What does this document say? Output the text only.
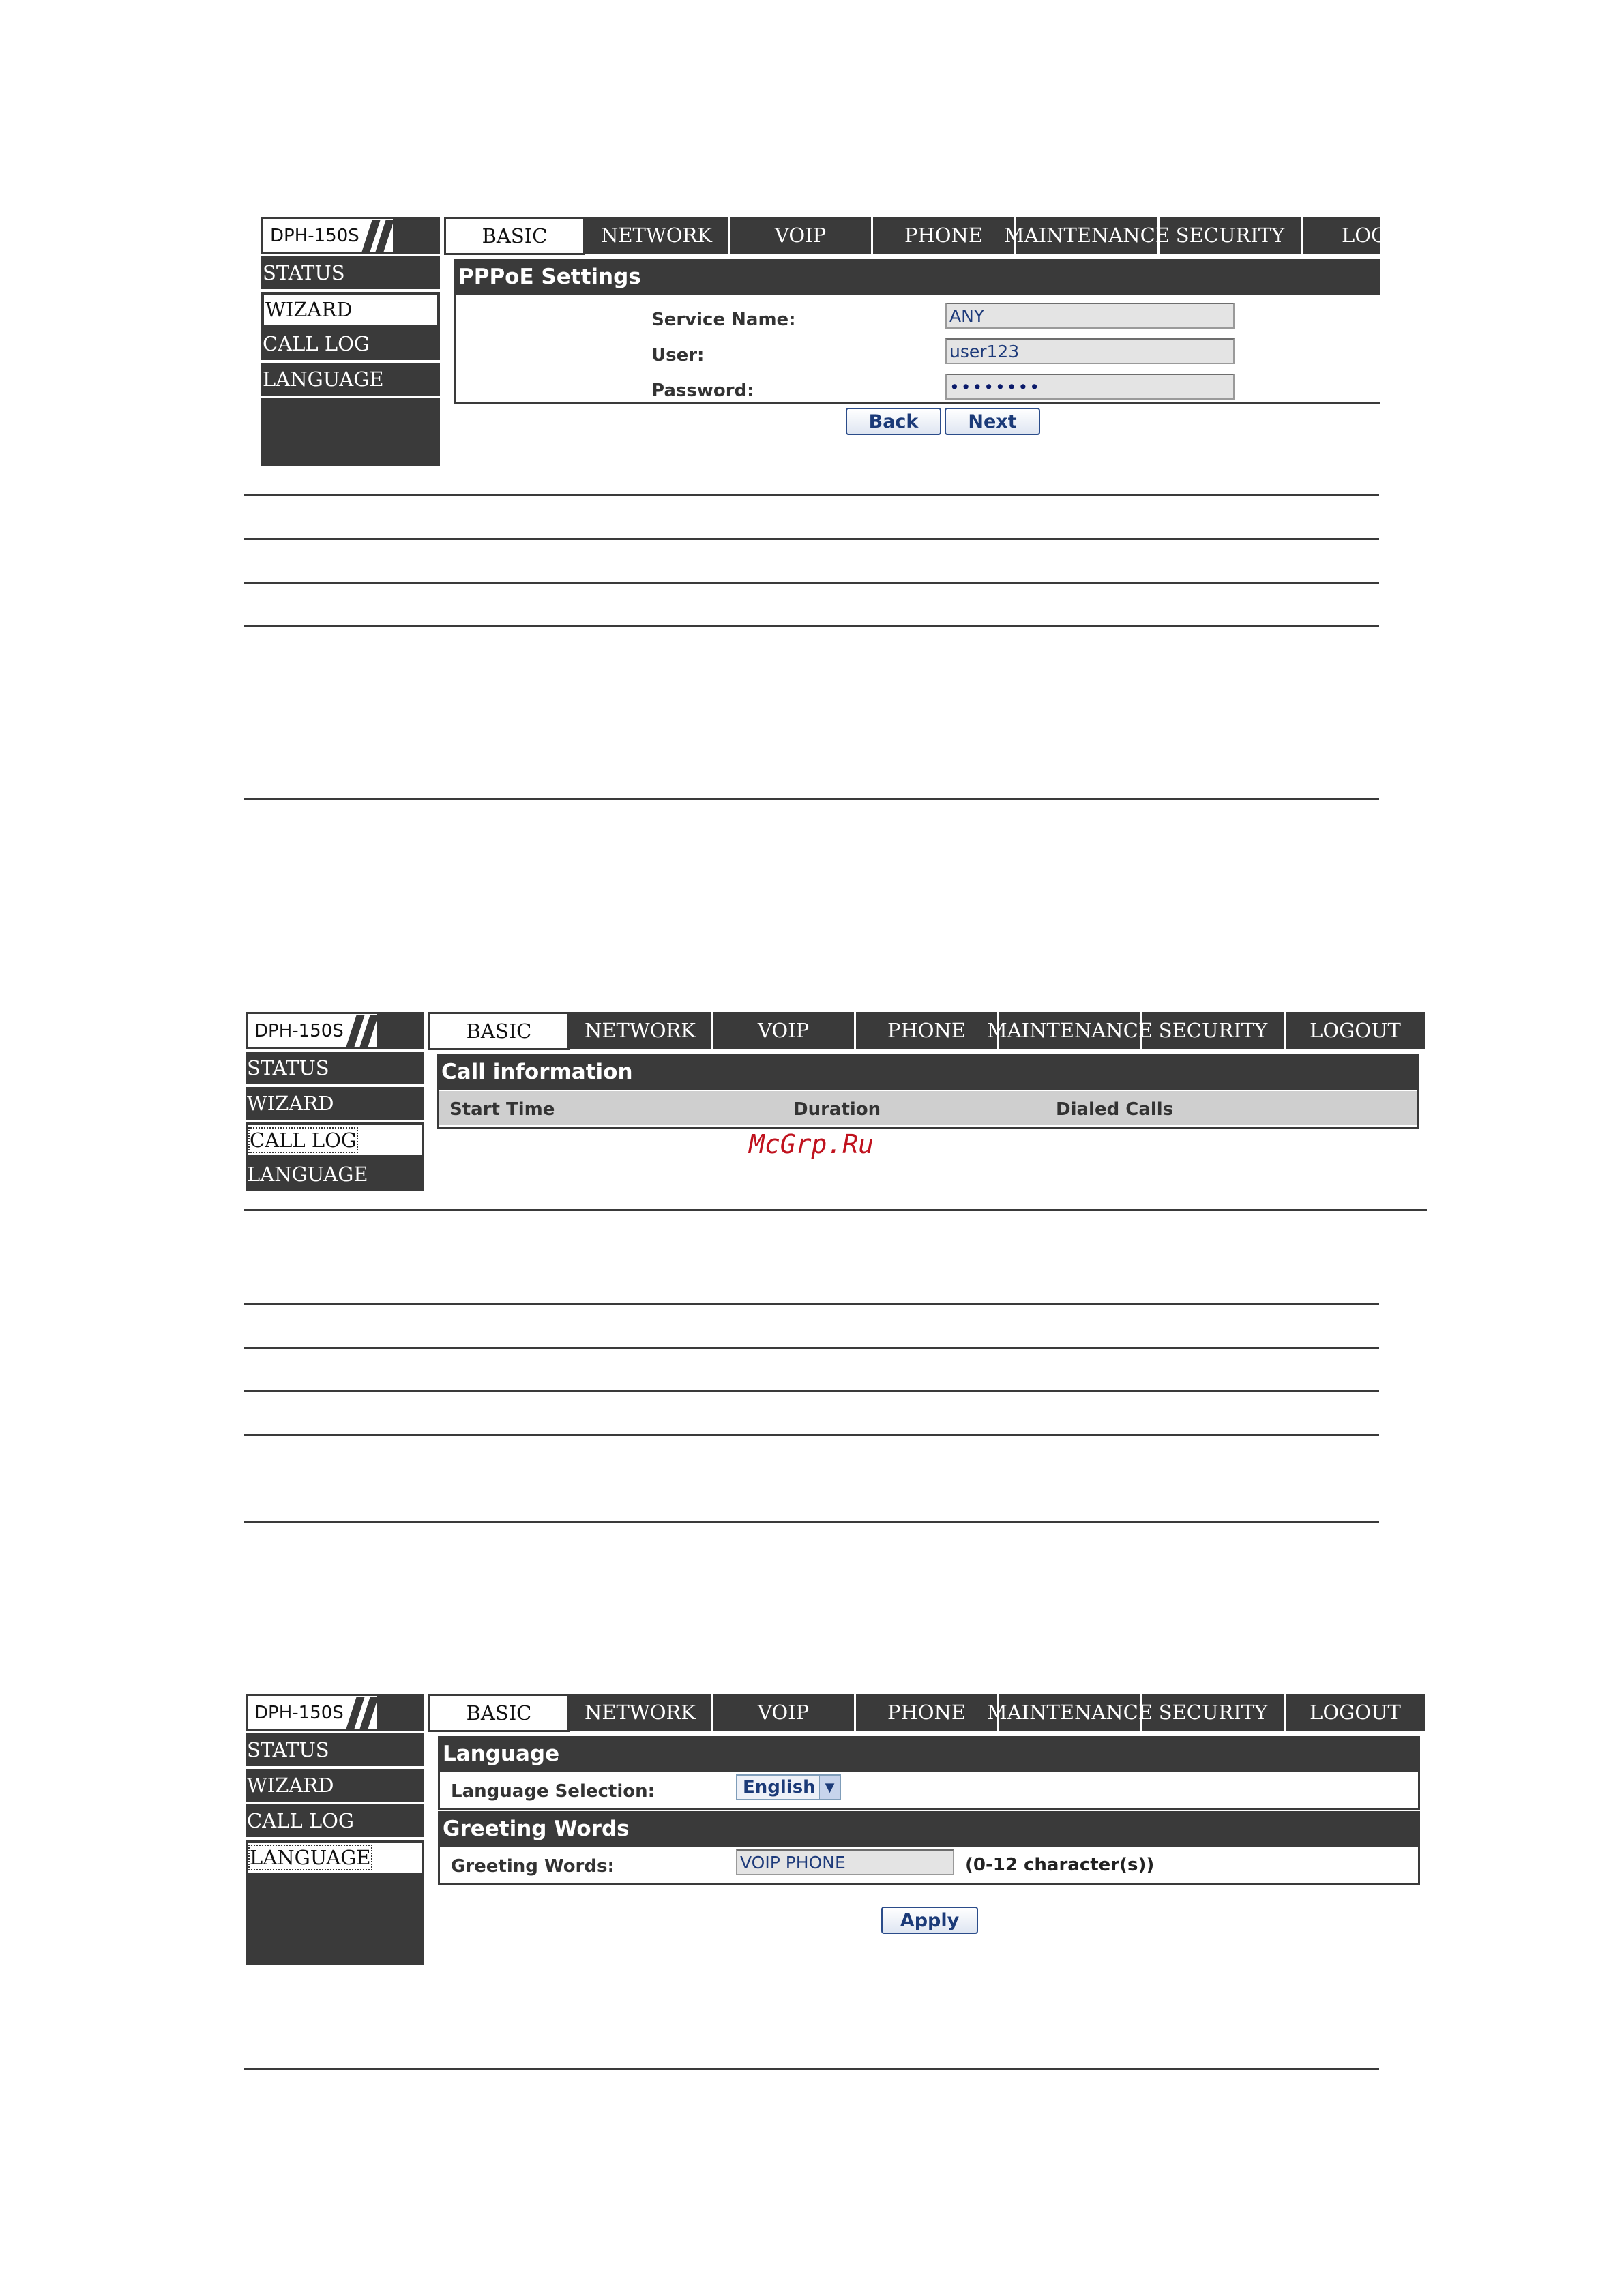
DPH-150S	BASIC	NETWORK	VOIP	PHONE	MAINTENANCE SECURITY	LOGO
STATUS
WIZARD
CALL LOG
LANGUAGE
PPPoE Settings
Service Name:	ANY
User:	user123
Password:	••••••••
Back	Next
DPH-150S	BASIC	NETWORK	VOIP	PHONE	MAINTENANCE SECURITY	LOGOUT
STATUS
WIZARD
CALL LOG
LANGUAGE
Call information
Start Time	Duration	Dialed Calls
McGrp.Ru
DPH-150S	BASIC	NETWORK	VOIP	PHONE	MAINTENANCE SECURITY	LOGOUT
STATUS
WIZARD
CALL LOG
LANGUAGE
Language
Language Selection:	English ▼
Greeting Words
Greeting Words:	VOIP PHONE	(0-12 character(s))
Apply
